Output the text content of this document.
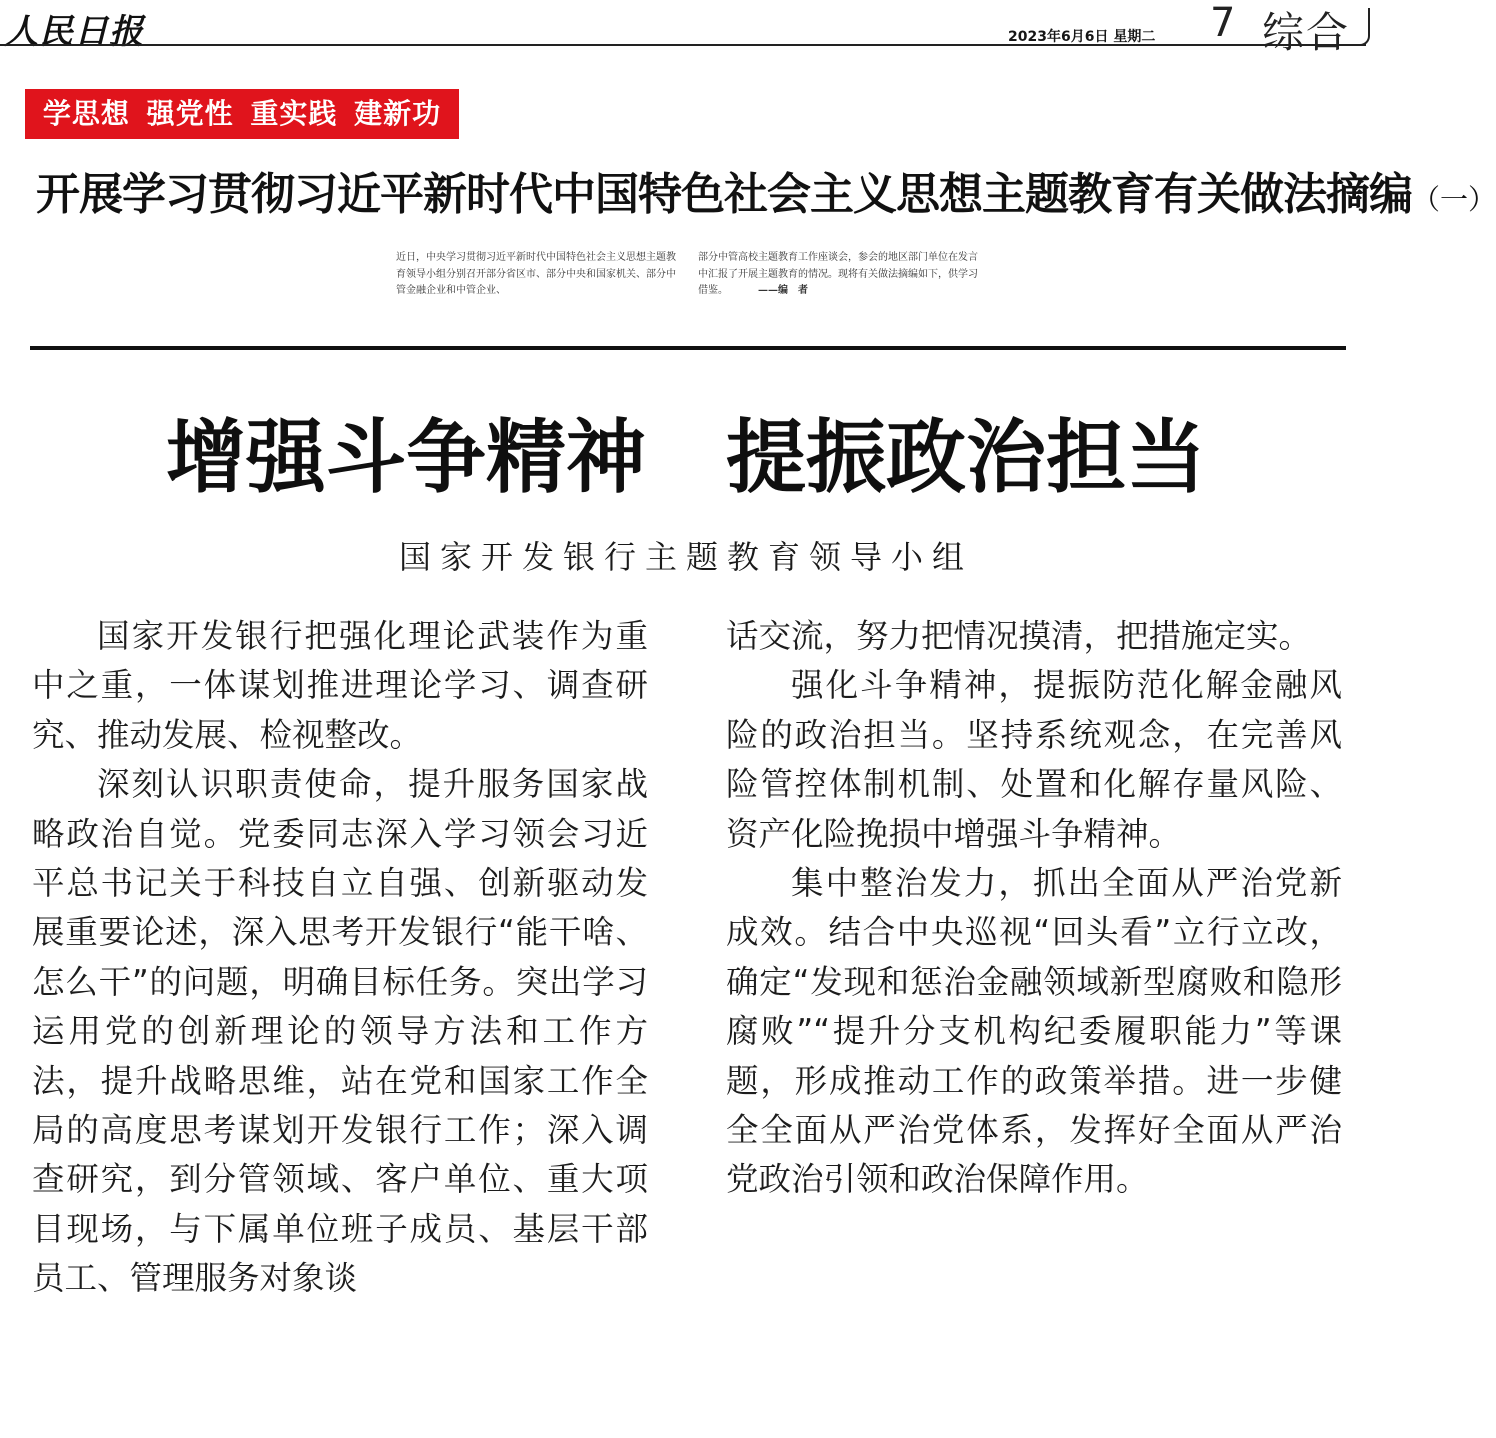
人民日报	2023年6月6日 星期二 7 综合
学思想 强党性 重实践 建新功
开展学习贯彻习近平新时代中国特色社会主义思想主题教育有关做法摘编（一）
近日，中央学习贯彻习近平新时代中国特色社会主义思想主题教育领导小组分别召开部分省区市、部分中央和国家机关、部分中管金融企业和中管企业、
部分中管高校主题教育工作座谈会，参会的地区部门单位在发言中汇报了开展主题教育的情况。现将有关做法摘编如下，供学习借鉴。	——编　者
增强斗争精神　提振政治担当
国家开发银行主题教育领导小组

国家开发银行把强化理论武装作为重中之重，一体谋划推进理论学习、调查研究、推动发展、检视整改。

深刻认识职责使命，提升服务国家战略政治自觉。党委同志深入学习领会习近平总书记关于科技自立自强、创新驱动发展重要论述，深入思考开发银行“能干啥、怎么干”的问题，明确目标任务。突出学习运用党的创新理论的领导方法和工作方法，提升战略思维，站在党和国家工作全局的高度思考谋划开发银行工作；深入调查研究，到分管领域、客户单位、重大项目现场，与下属单位班子成员、基层干部员工、管理服务对象谈

话交流，努力把情况摸清，把措施定实。

强化斗争精神，提振防范化解金融风险的政治担当。坚持系统观念，在完善风险管控体制机制、处置和化解存量风险、资产化险挽损中增强斗争精神。

集中整治发力，抓出全面从严治党新成效。结合中央巡视“回头看”立行立改，确定“发现和惩治金融领域新型腐败和隐形腐败”“提升分支机构纪委履职能力”等课题，形成推动工作的政策举措。进一步健全全面从严治党体系，发挥好全面从严治党政治引领和政治保障作用。
